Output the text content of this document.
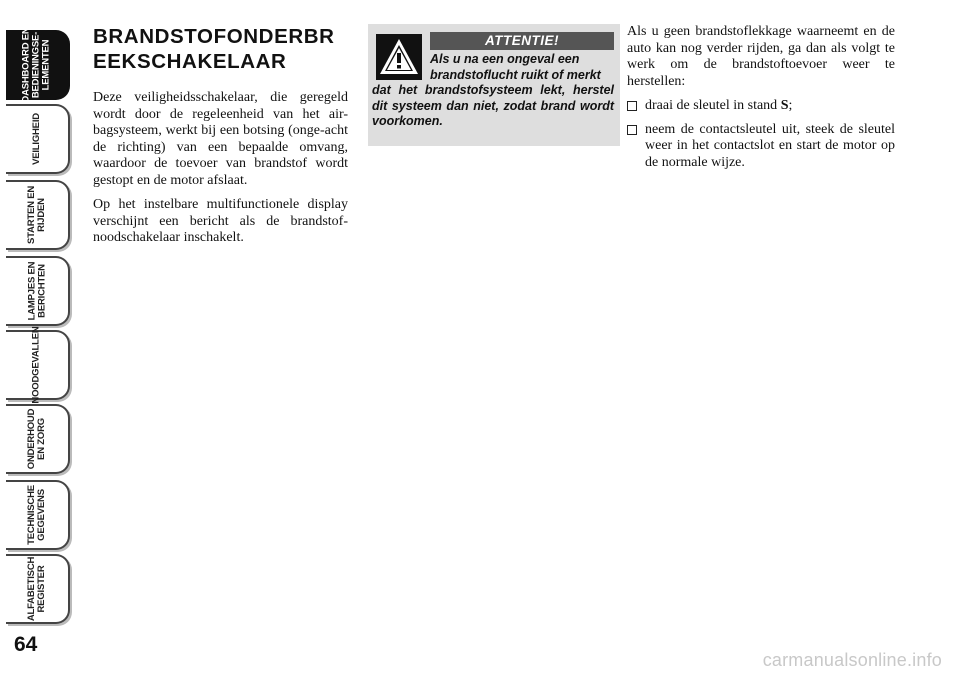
DASHBOARD EN
BEDIENINGSE-
LEMENTEN
VEILIGHEID
STARTEN EN
RIJDEN
LAMPJES EN
BERICHTEN
NOODGEVALLEN
ONDERHOUD
EN ZORG
TECHNISCHE
GEGEVENS
ALFABETISCH
REGISTER
64
BRANDSTOFONDERBR
EEKSCHAKELAAR

Deze veiligheidsschakelaar, die geregeld wordt door de regeleenheid van het air-bagsysteem, werkt bij een botsing (onge-acht de richting) van een bepaalde omvang, waardoor de toevoer van brandstof wordt gestopt en de motor afslaat.

Op het instelbare multifunctionele display verschijnt een bericht als de brandstof-noodschakelaar inschakelt.

ATTENTIE!
Als u na een ongeval een
brandstoflucht ruikt of merkt
dat het brandstofsysteem lekt, herstel dit systeem dan niet, zodat brand wordt voorkomen.

Als u geen brandstoflekkage waarneemt en de auto kan nog verder rijden, ga dan als volgt te werk om de brandstoftoevoer weer te herstellen:

draai de sleutel in stand S;
neem de contactsleutel uit, steek de sleutel weer in het contactslot en start de motor op de normale wijze.
carmanualsonline.info
